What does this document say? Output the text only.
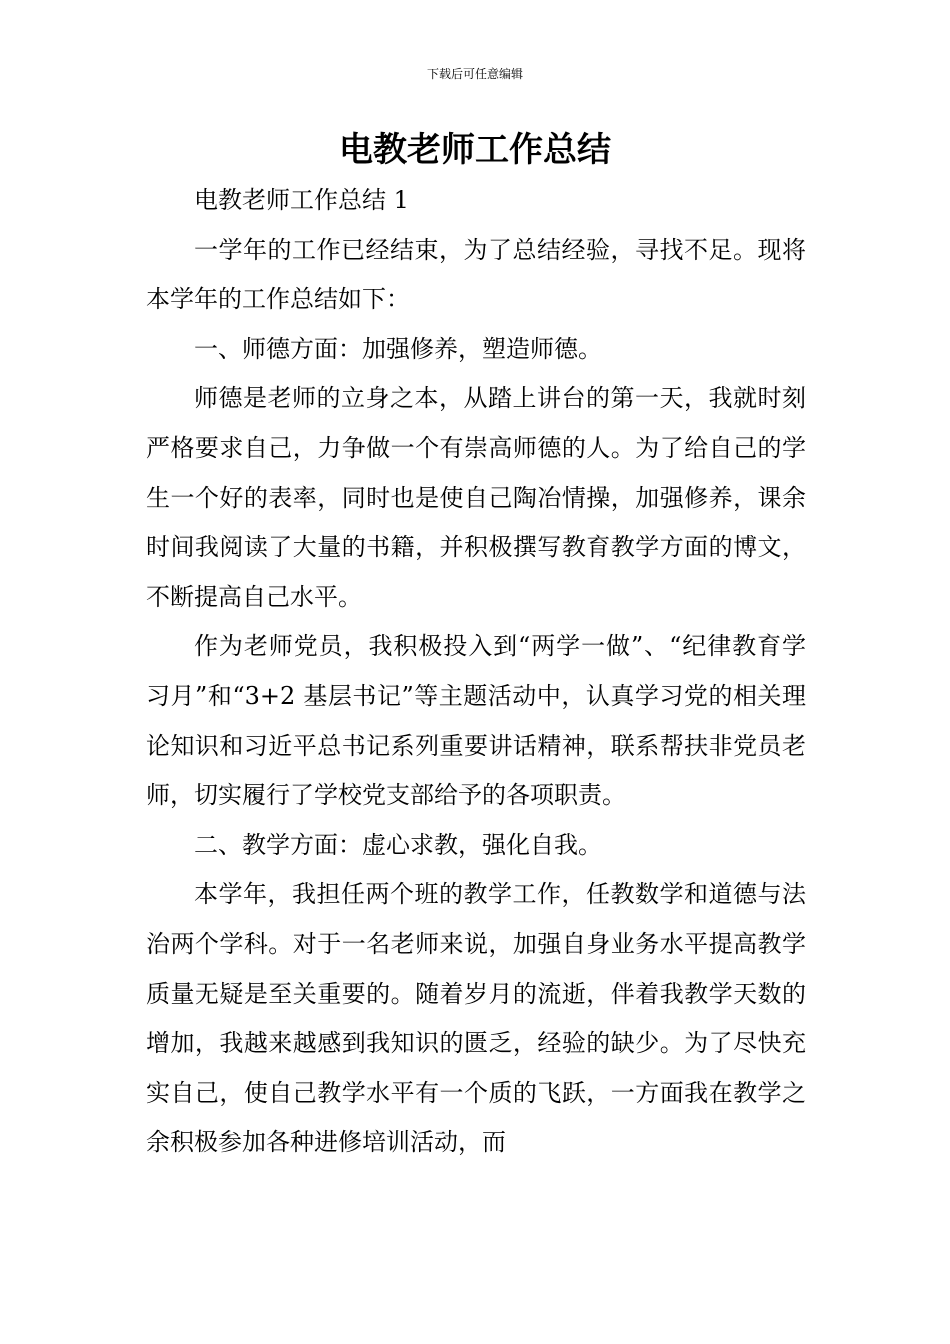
下载后可任意编辑
电教老师工作总结

电教老师工作总结 1

一学年的工作已经结束，为了总结经验，寻找不足。现将本学年的工作总结如下：

一、师德方面：加强修养，塑造师德。

师德是老师的立身之本，从踏上讲台的第一天，我就时刻严格要求自己，力争做一个有崇高师德的人。为了给自己的学生一个好的表率，同时也是使自己陶冶情操，加强修养，课余时间我阅读了大量的书籍，并积极撰写教育教学方面的博文，不断提高自己水平。

作为老师党员，我积极投入到“两学一做”、“纪律教育学习月”和“3+2 基层书记”等主题活动中，认真学习党的相关理论知识和习近平总书记系列重要讲话精神，联系帮扶非党员老师，切实履行了学校党支部给予的各项职责。

二、教学方面：虚心求教，强化自我。

本学年，我担任两个班的教学工作，任教数学和道德与法治两个学科。对于一名老师来说，加强自身业务水平提高教学质量无疑是至关重要的。随着岁月的流逝，伴着我教学天数的增加，我越来越感到我知识的匮乏，经验的缺少。为了尽快充实自己，使自己教学水平有一个质的飞跃，一方面我在教学之余积极参加各种进修培训活动，而
